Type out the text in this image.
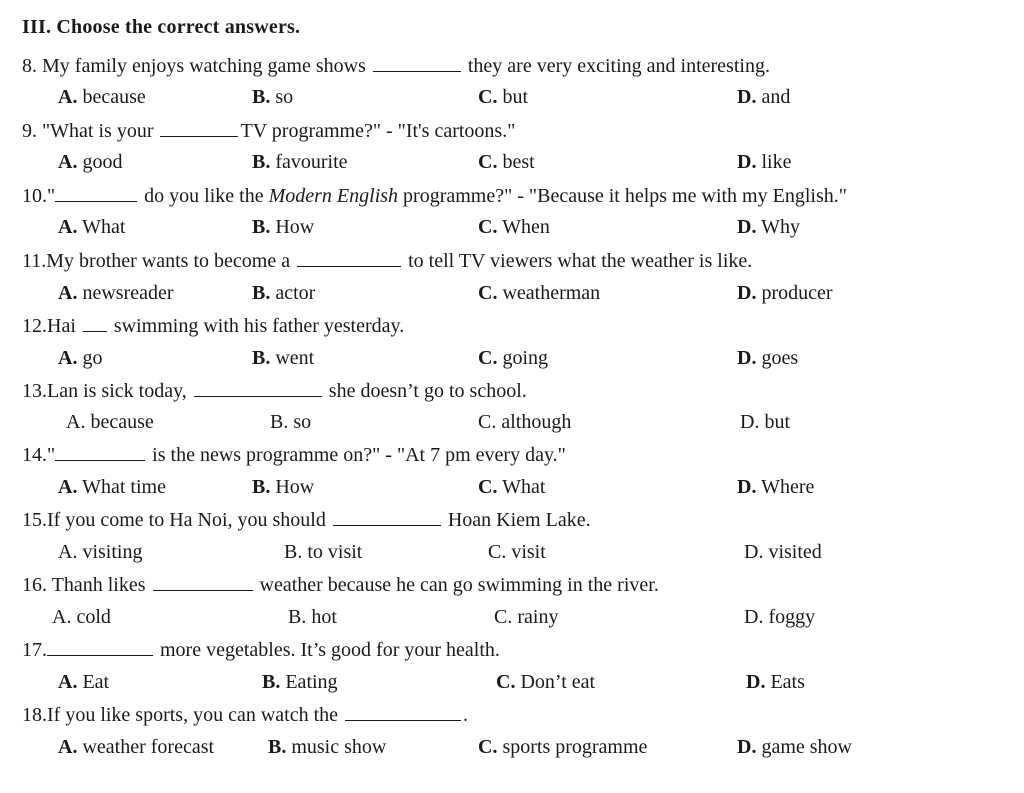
III. Choose the correct answers.
8. My family enjoys watching game shows	they are very exciting and interesting.
A. because	B. so	C. but	D. and
9. "What is your	TV programme?" - "It's cartoons."
A. good	B. favourite	C. best	D. like
10."	do you like the Modern English programme?" - "Because it helps me with my English."
A. What	B. How	C. When	D. Why
11.My brother wants to become a	to tell TV viewers what the weather is like.
A. newsreader	B. actor	C. weatherman	D. producer
12.Hai swimming with his father yesterday.
A. go	B. went	C. going	D. goes
13.Lan is sick today,	she doesn’t go to school.
A. because	B. so	C. although	D. but
14."	is the news programme on?" - "At 7 pm every day."
A. What time	B. How	C. What	D. Where
15.If you come to Ha Noi, you should	Hoan Kiem Lake.
A. visiting	B. to visit	C. visit	D. visited
16. Thanh likes	weather because he can go swimming in the river.
A. cold	B. hot	C. rainy	D. foggy
17.	more vegetables. It’s good for your health.
A. Eat	B. Eating	C. Don’t eat	D. Eats
18.If you like sports, you can watch the	.
A. weather forecast	B. music show	C. sports programme	D. game show
